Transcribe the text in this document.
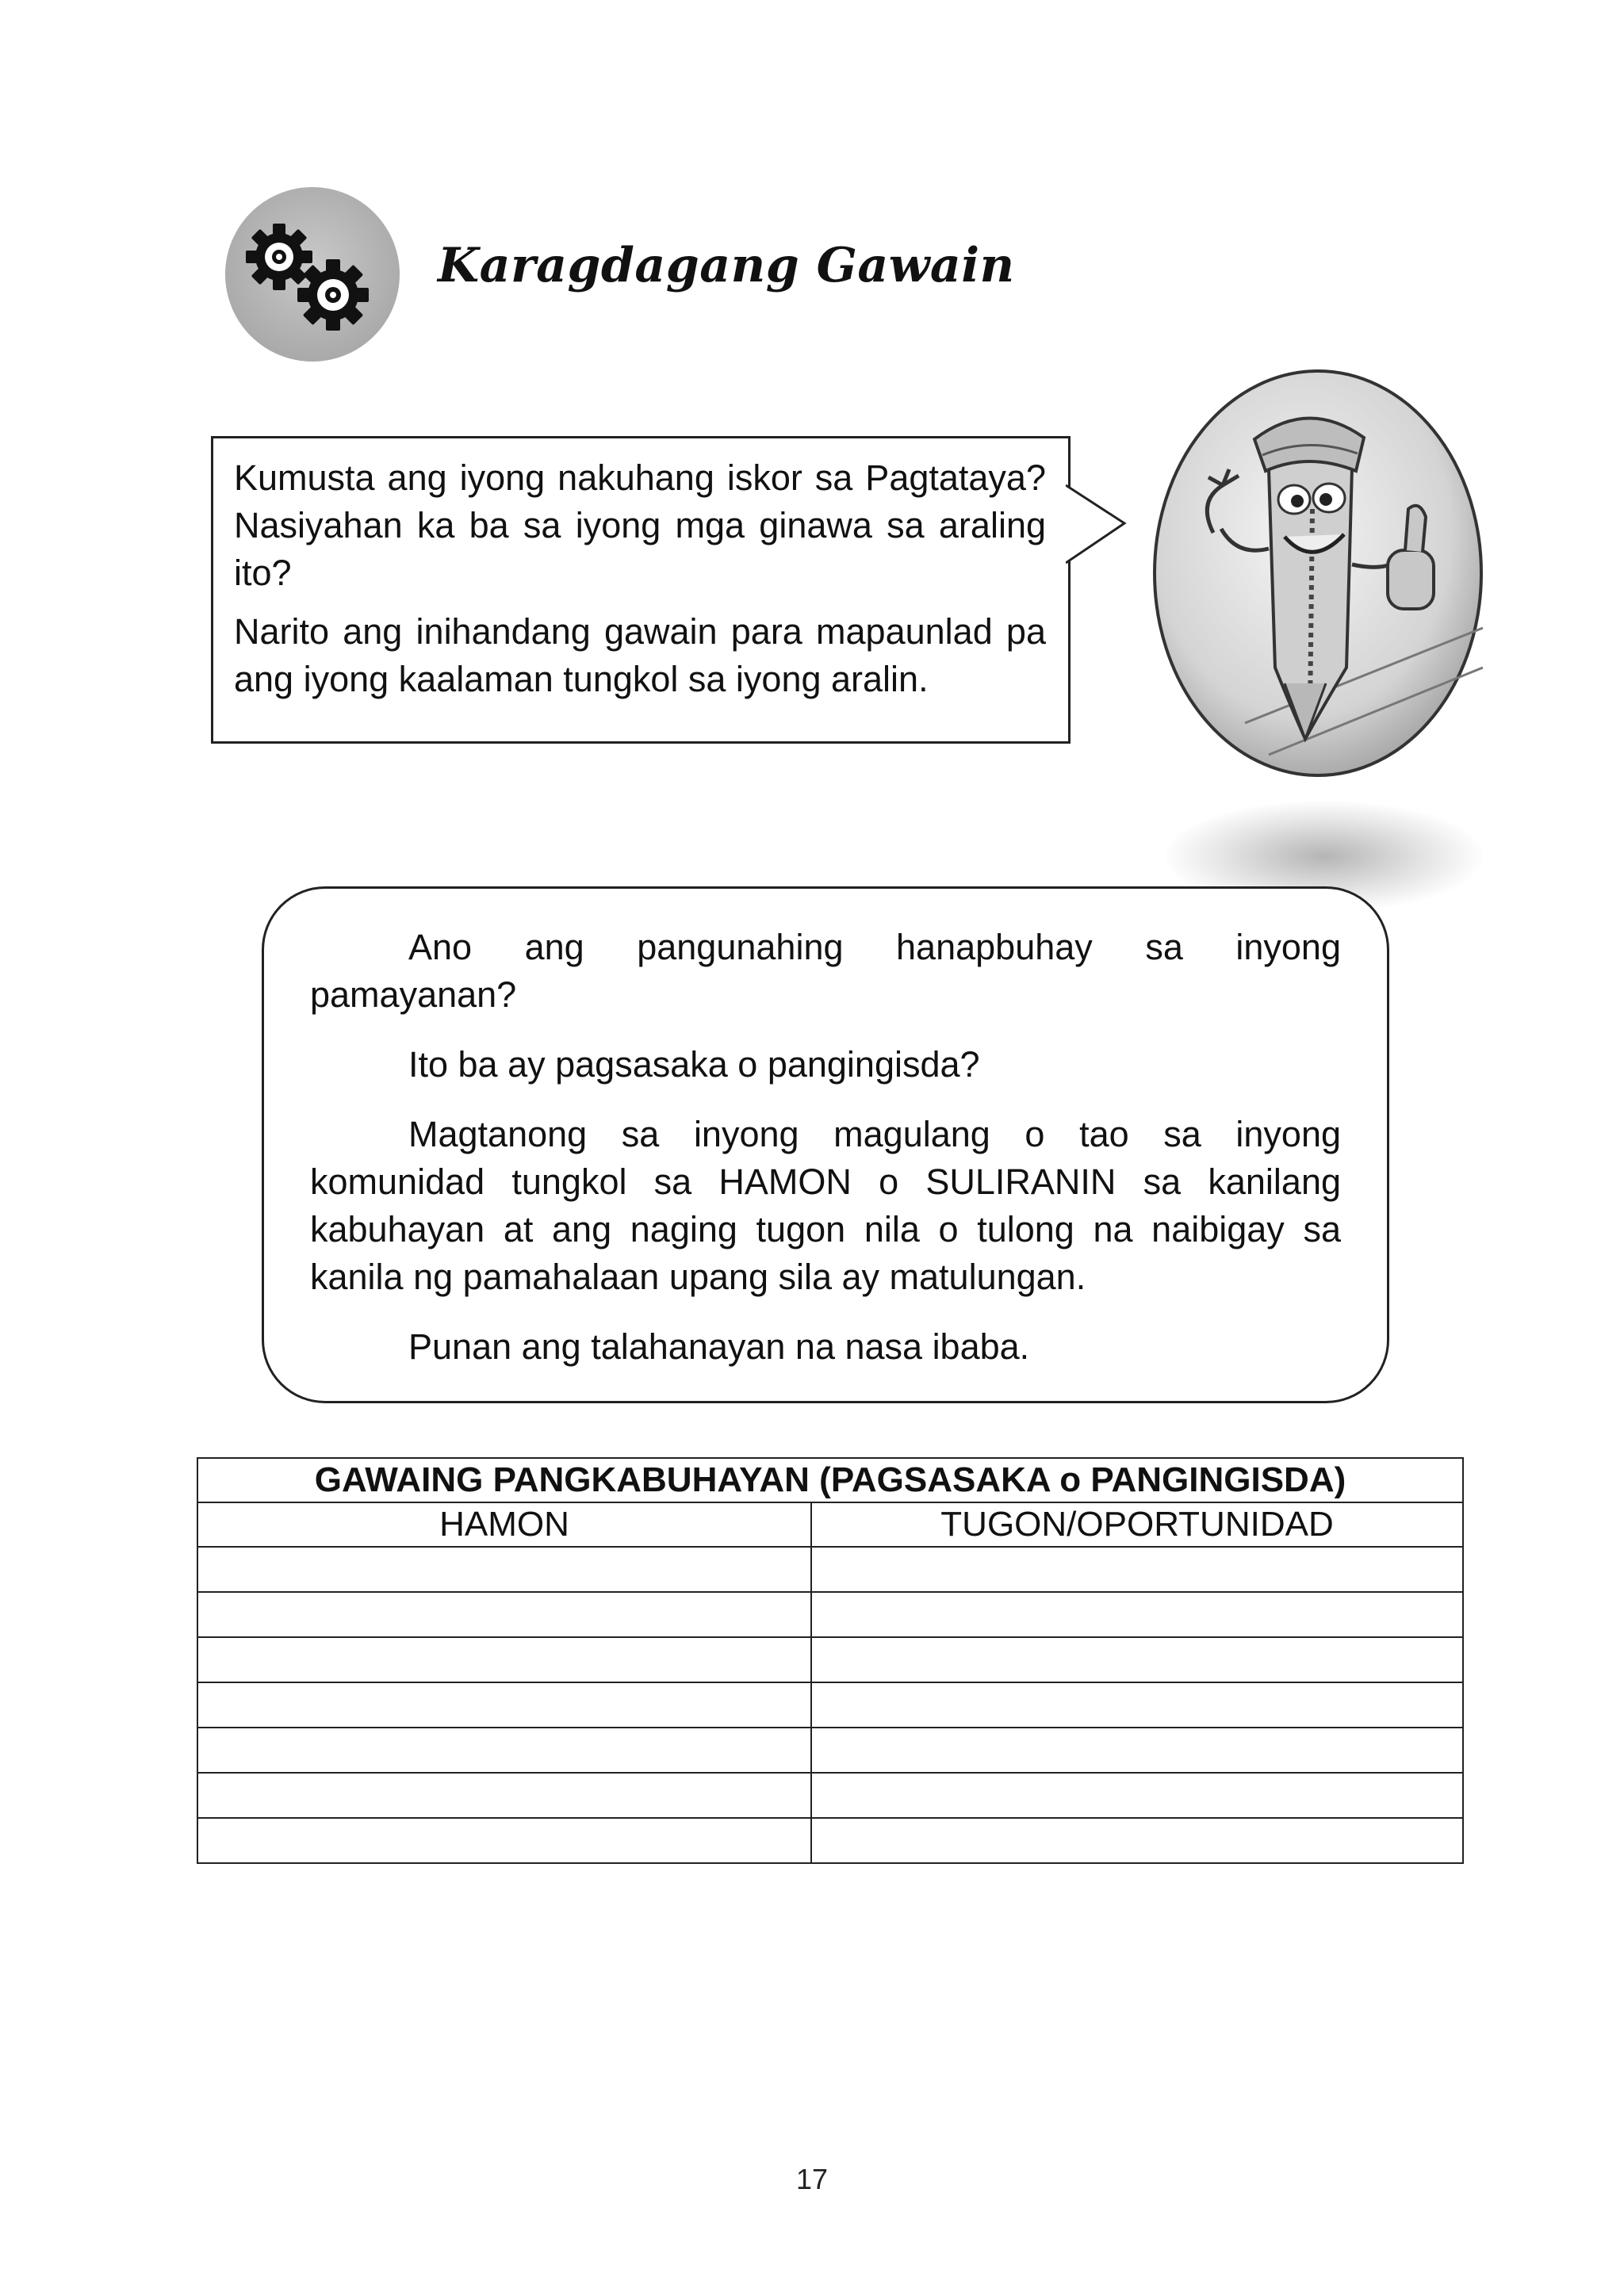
Karagdagang Gawain

Kumusta ang iyong nakuhang iskor sa Pagtataya? Nasiyahan ka ba sa iyong mga ginawa sa araling ito?

Narito ang inihandang gawain para mapaunlad pa ang iyong kaalaman tungkol sa iyong aralin.

Ano ang pangunahing hanapbuhay sa inyong pamayanan?

Ito ba ay pagsasaka o pangingisda?

Magtanong sa inyong magulang o tao sa inyong komunidad tungkol sa HAMON o SULIRANIN sa kanilang kabuhayan at ang naging tugon nila o tulong na naibigay sa kanila ng pamahalaan upang sila ay matulungan.

Punan ang talahanayan na nasa ibaba.

GAWAING PANGKABUHAYAN (PAGSASAKA o PANGINGISDA)	
HAMON	TUGON/OPORTUNIDAD

17
